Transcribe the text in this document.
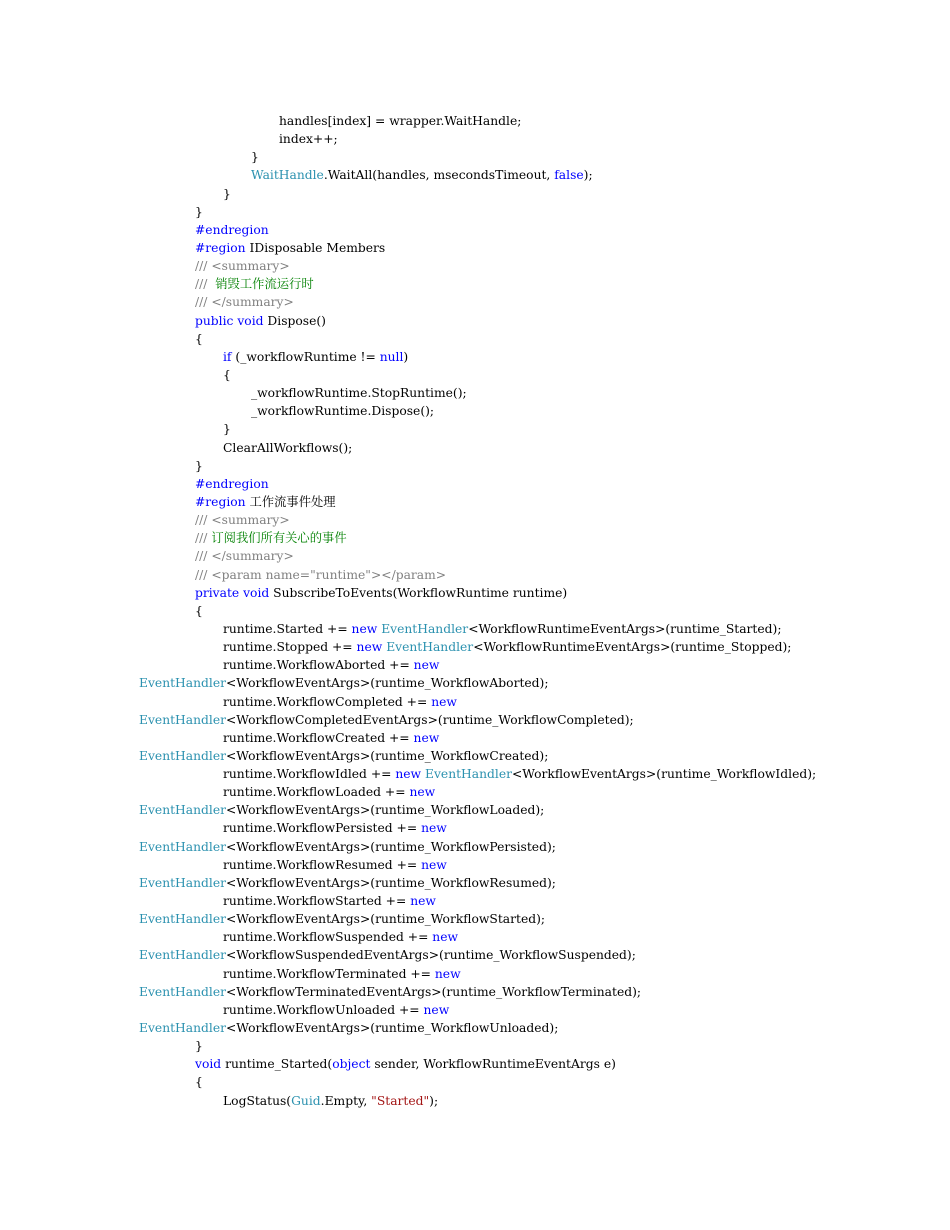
handles[index] = wrapper.WaitHandle;
index++;
}
WaitHandle.WaitAll(handles, msecondsTimeout, false);
}
}
#endregion
#region IDisposable Members
/// <summary>
///  销毁工作流运行时
/// </summary>
public void Dispose()
{
if (_workflowRuntime != null)
{
_workflowRuntime.StopRuntime();
_workflowRuntime.Dispose();
}
ClearAllWorkflows();
}
#endregion
#region 工作流事件处理
/// <summary>
/// 订阅我们所有关心的事件
/// </summary>
/// <param name="runtime"></param>
private void SubscribeToEvents(WorkflowRuntime runtime)
{
runtime.Started += new EventHandler<WorkflowRuntimeEventArgs>(runtime_Started);
runtime.Stopped += new EventHandler<WorkflowRuntimeEventArgs>(runtime_Stopped);
runtime.WorkflowAborted += new
EventHandler<WorkflowEventArgs>(runtime_WorkflowAborted);
runtime.WorkflowCompleted += new
EventHandler<WorkflowCompletedEventArgs>(runtime_WorkflowCompleted);
runtime.WorkflowCreated += new
EventHandler<WorkflowEventArgs>(runtime_WorkflowCreated);
runtime.WorkflowIdled += new EventHandler<WorkflowEventArgs>(runtime_WorkflowIdled);
runtime.WorkflowLoaded += new
EventHandler<WorkflowEventArgs>(runtime_WorkflowLoaded);
runtime.WorkflowPersisted += new
EventHandler<WorkflowEventArgs>(runtime_WorkflowPersisted);
runtime.WorkflowResumed += new
EventHandler<WorkflowEventArgs>(runtime_WorkflowResumed);
runtime.WorkflowStarted += new
EventHandler<WorkflowEventArgs>(runtime_WorkflowStarted);
runtime.WorkflowSuspended += new
EventHandler<WorkflowSuspendedEventArgs>(runtime_WorkflowSuspended);
runtime.WorkflowTerminated += new
EventHandler<WorkflowTerminatedEventArgs>(runtime_WorkflowTerminated);
runtime.WorkflowUnloaded += new
EventHandler<WorkflowEventArgs>(runtime_WorkflowUnloaded);
}
void runtime_Started(object sender, WorkflowRuntimeEventArgs e)
{
LogStatus(Guid.Empty, "Started");
